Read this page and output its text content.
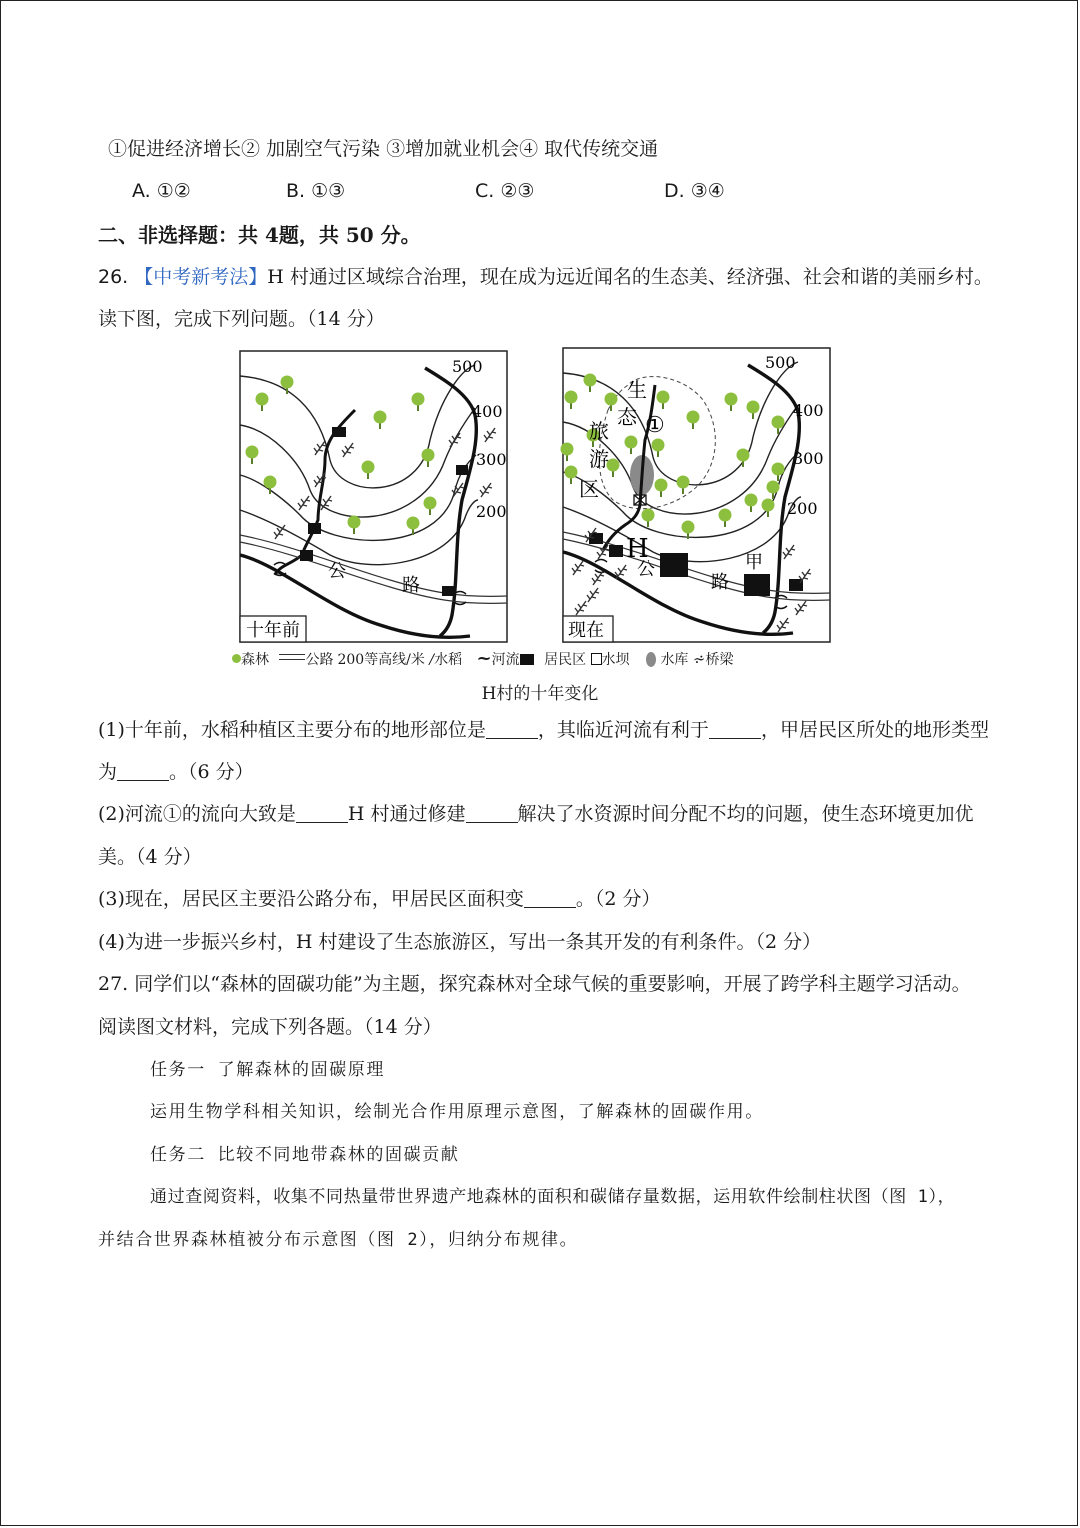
①促进经济增长② 加剧空气污染 ③增加就业机会④ 取代传统交通
A. ①②	B. ①③	C. ②③	D. ③④
二、非选择题：共 4题，共 50 分。
26. 【中考新考法】H 村通过区域综合治理，现在成为远近闻名的生态美、经济强、社会和谐的美丽乡村。
读下图，完成下列问题。（14 分）
500
400
300
200
公
路
十年前
500
400
300
200
生
态
旅
游
区
①
H
公
路
甲
现在
森林	公路 200等高线/米 /水稻 ~河流 居民区 水坝 水库 ⩫桥梁
H村的十年变化
(1)十年前，水稻种植区主要分布的地形部位是	，其临近河流有利于	，甲居民区所处的地形类型
为	。（6 分）
(2)河流①的流向大致是	H 村通过修建	解决了水资源时间分配不均的问题，使生态环境更加优
美。（4 分）
(3)现在，居民区主要沿公路分布，甲居民区面积变	。（2 分）
(4)为进一步振兴乡村，H 村建设了生态旅游区，写出一条其开发的有利条件。（2 分）
27. 同学们以“森林的固碳功能”为主题，探究森林对全球气候的重要影响，开展了跨学科主题学习活动。
阅读图文材料，完成下列各题。（14 分）
任务一 了解森林的固碳原理
运用生物学科相关知识，绘制光合作用原理示意图，了解森林的固碳作用。
任务二 比较不同地带森林的固碳贡献
通过查阅资料，收集不同热量带世界遗产地森林的面积和碳储存量数据，运用软件绘制柱状图（图 1），
并结合世界森林植被分布示意图（图 2），归纳分布规律。
